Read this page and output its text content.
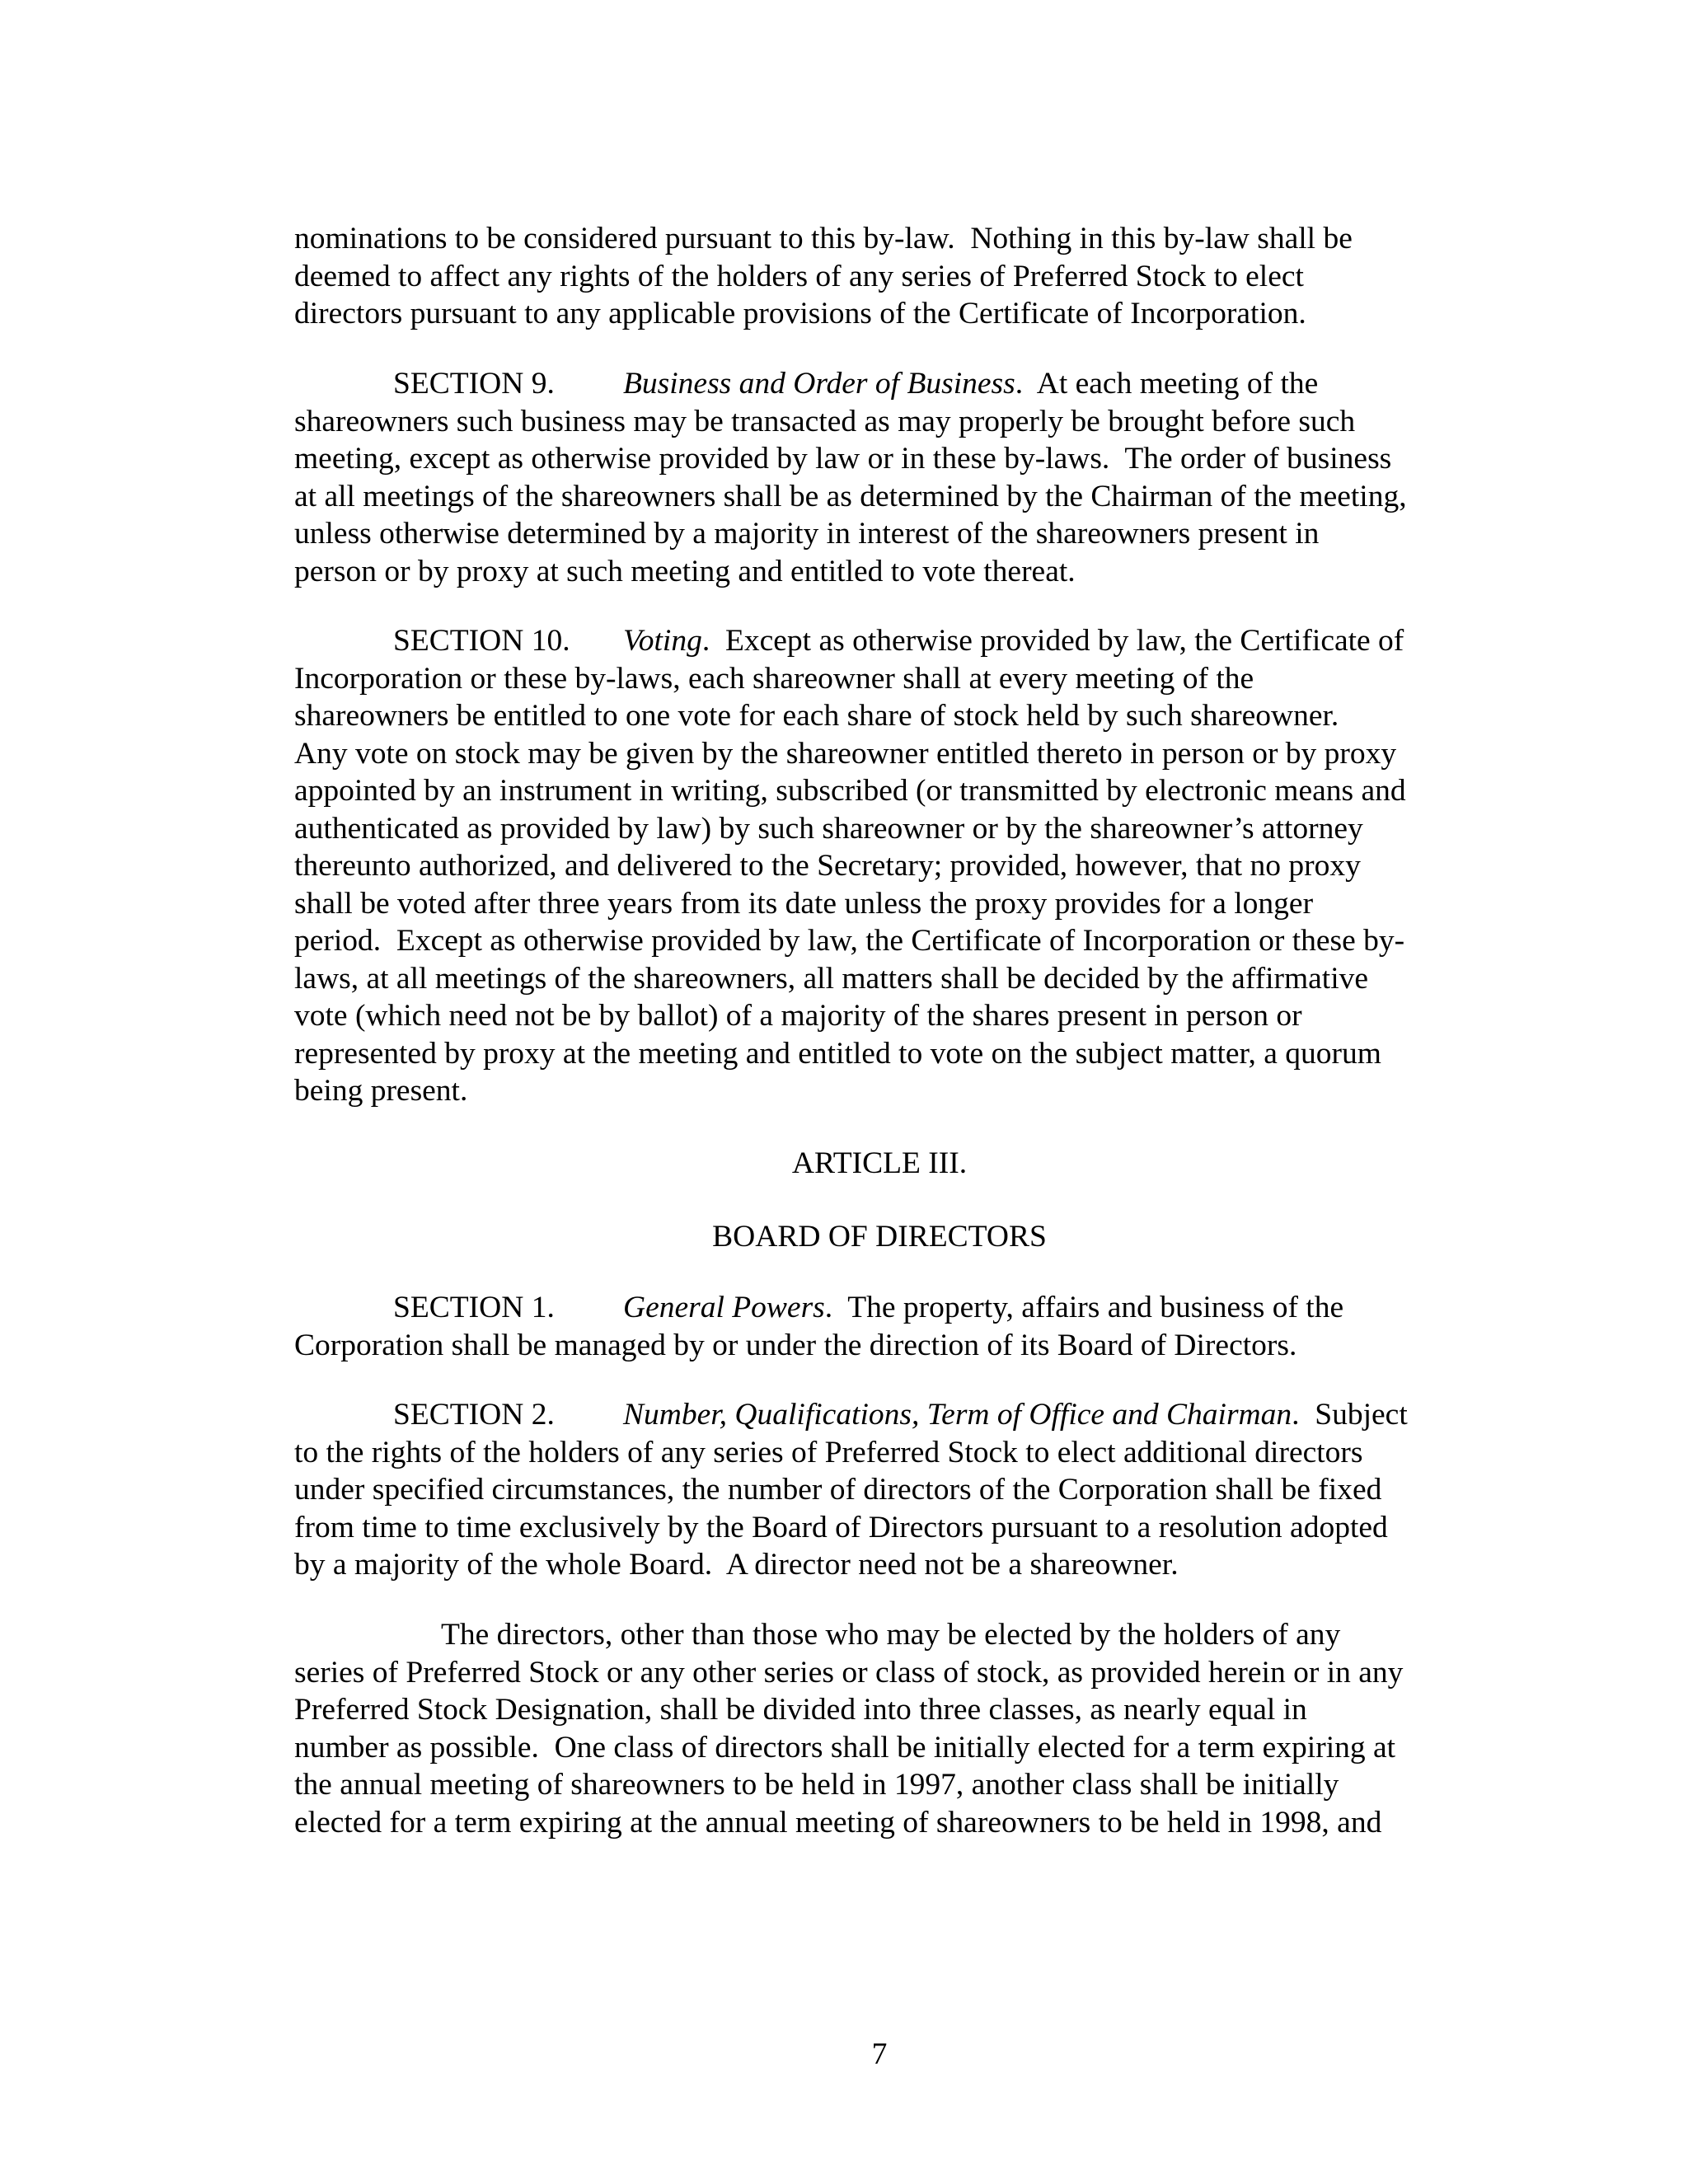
nominations to be considered pursuant to this by-law.  Nothing in this by-law shall be
deemed to affect any rights of the holders of any series of Preferred Stock to elect
directors pursuant to any applicable provisions of the Certificate of Incorporation.
SECTION 9. Business and Order of Business.  At each meeting of the
shareowners such business may be transacted as may properly be brought before such
meeting, except as otherwise provided by law or in these by-laws.  The order of business
at all meetings of the shareowners shall be as determined by the Chairman of the meeting,
unless otherwise determined by a majority in interest of the shareowners present in
person or by proxy at such meeting and entitled to vote thereat.
SECTION 10. Voting.  Except as otherwise provided by law, the Certificate of
Incorporation or these by-laws, each shareowner shall at every meeting of the
shareowners be entitled to one vote for each share of stock held by such shareowner.
Any vote on stock may be given by the shareowner entitled thereto in person or by proxy
appointed by an instrument in writing, subscribed (or transmitted by electronic means and
authenticated as provided by law) by such shareowner or by the shareowner’s attorney
thereunto authorized, and delivered to the Secretary; provided, however, that no proxy
shall be voted after three years from its date unless the proxy provides for a longer
period.  Except as otherwise provided by law, the Certificate of Incorporation or these by-
laws, at all meetings of the shareowners, all matters shall be decided by the affirmative
vote (which need not be by ballot) of a majority of the shares present in person or
represented by proxy at the meeting and entitled to vote on the subject matter, a quorum
being present.
ARTICLE III.
BOARD OF DIRECTORS
SECTION 1. General Powers.  The property, affairs and business of the
Corporation shall be managed by or under the direction of its Board of Directors.
SECTION 2. Number, Qualifications, Term of Office and Chairman.  Subject
to the rights of the holders of any series of Preferred Stock to elect additional directors
under specified circumstances, the number of directors of the Corporation shall be fixed
from time to time exclusively by the Board of Directors pursuant to a resolution adopted
by a majority of the whole Board.  A director need not be a shareowner.
The directors, other than those who may be elected by the holders of any
series of Preferred Stock or any other series or class of stock, as provided herein or in any
Preferred Stock Designation, shall be divided into three classes, as nearly equal in
number as possible.  One class of directors shall be initially elected for a term expiring at
the annual meeting of shareowners to be held in 1997, another class shall be initially
elected for a term expiring at the annual meeting of shareowners to be held in 1998, and
7
